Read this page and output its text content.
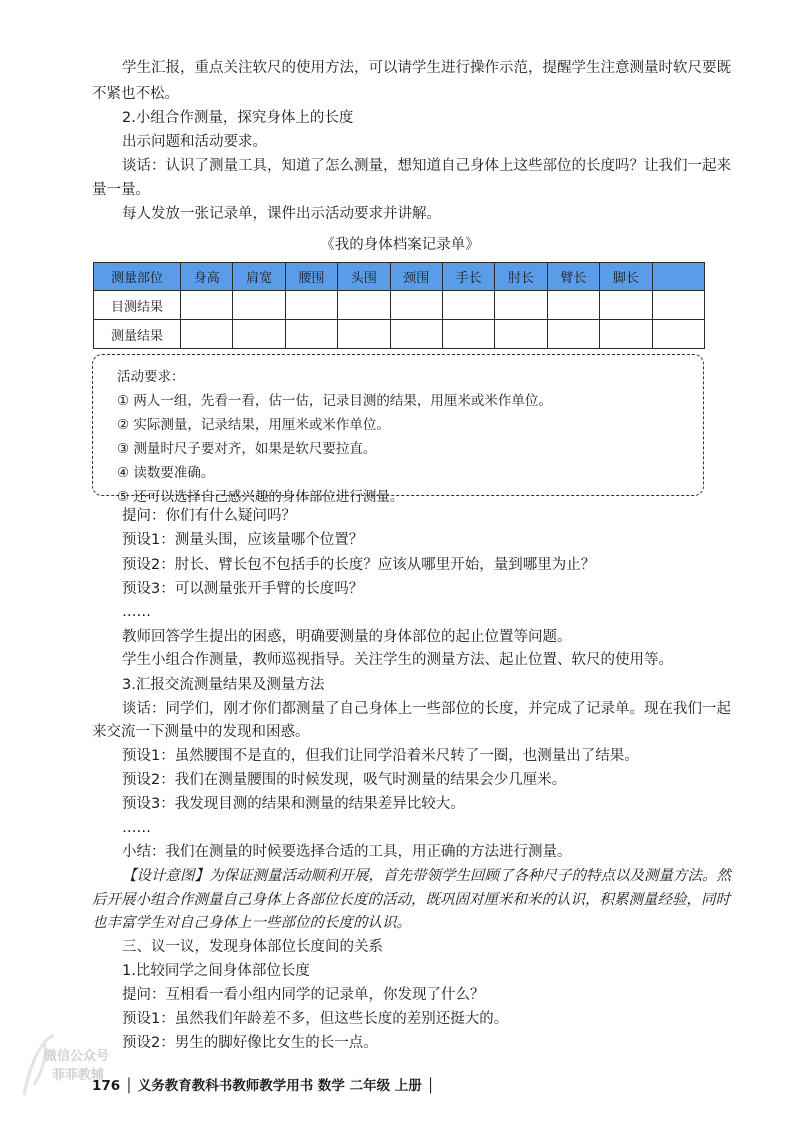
学生汇报，重点关注软尺的使用方法，可以请学生进行操作示范，提醒学生注意测量时软尺要既
不紧也不松。
2.小组合作测量，探究身体上的长度
出示问题和活动要求。
谈话：认识了测量工具，知道了怎么测量，想知道自己身体上这些部位的长度吗？让我们一起来
量一量。
每人发放一张记录单，课件出示活动要求并讲解。
《我的身体档案记录单》
测量部位	身高	肩宽	腰围	头围	颈围	手长	肘长	臂长	脚长	
目测结果										
测量结果										
活动要求：
① 两人一组，先看一看，估一估，记录目测的结果，用厘米或米作单位。
② 实际测量，记录结果，用厘米或米作单位。
③ 测量时尺子要对齐，如果是软尺要拉直。
④ 读数要准确。
⑤ 还可以选择自己感兴趣的身体部位进行测量。
提问：你们有什么疑问吗？
预设1：测量头围，应该量哪个位置？
预设2：肘长、臂长包不包括手的长度？应该从哪里开始，量到哪里为止？
预设3：可以测量张开手臂的长度吗？
……
教师回答学生提出的困惑，明确要测量的身体部位的起止位置等问题。
学生小组合作测量，教师巡视指导。关注学生的测量方法、起止位置、软尺的使用等。
3.汇报交流测量结果及测量方法
谈话：同学们，刚才你们都测量了自己身体上一些部位的长度，并完成了记录单。现在我们一起
来交流一下测量中的发现和困惑。
预设1：虽然腰围不是直的，但我们让同学沿着米尺转了一圈，也测量出了结果。
预设2：我们在测量腰围的时候发现，吸气时测量的结果会少几厘米。
预设3：我发现目测的结果和测量的结果差异比较大。
……
小结：我们在测量的时候要选择合适的工具，用正确的方法进行测量。
【设计意图】为保证测量活动顺利开展，首先带领学生回顾了各种尺子的特点以及测量方法。然
后开展小组合作测量自己身体上各部位长度的活动，既巩固对厘米和米的认识，积累测量经验，同时
也丰富学生对自己身体上一些部位的长度的认识。
三、议一议，发现身体部位长度间的关系
1.比较同学之间身体部位长度
提问：互相看一看小组内同学的记录单，你发现了什么？
预设1：虽然我们年龄差不多，但这些长度的差别还挺大的。
预设2：男生的脚好像比女生的长一点。
微信公众号
菲菲教辅
176 │ 义务教育教科书教师教学用书 数学 二年级 上册 │
